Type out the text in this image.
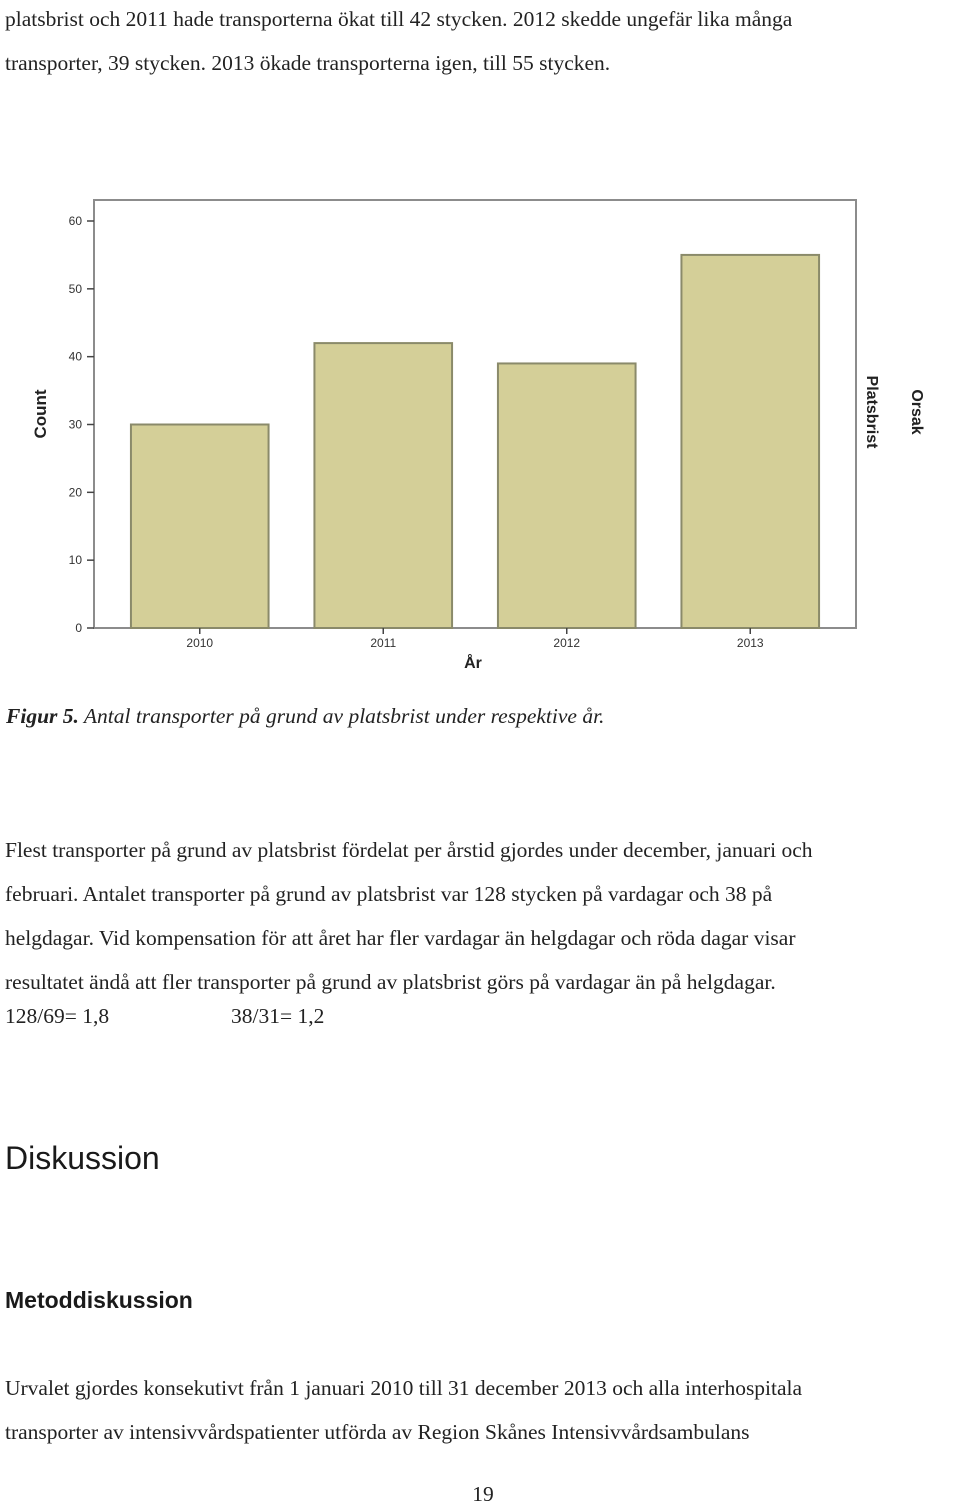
platsbrist och 2011 hade transporterna ökat till 42 stycken. 2012 skedde ungefär lika många
transporter, 39 stycken. 2013 ökade transporterna igen, till 55 stycken.
0
10
20
30
40
50
60
2010	2011	2012	2013
Count
År
Platsbrist Orsak
Figur 5. Antal transporter på grund av platsbrist under respektive år.
Flest transporter på grund av platsbrist fördelat per årstid gjordes under december, januari och
februari. Antalet transporter på grund av platsbrist var 128 stycken på vardagar och 38 på
helgdagar. Vid kompensation för att året har fler vardagar än helgdagar och röda dagar visar
resultatet ändå att fler transporter på grund av platsbrist görs på vardagar än på helgdagar.
128/69= 1,8	38/31= 1,2
Diskussion
Metoddiskussion
Urvalet gjordes konsekutivt från 1 januari 2010 till 31 december 2013 och alla interhospitala
transporter av intensivvårdspatienter utförda av Region Skånes Intensivvårdsambulans
19
